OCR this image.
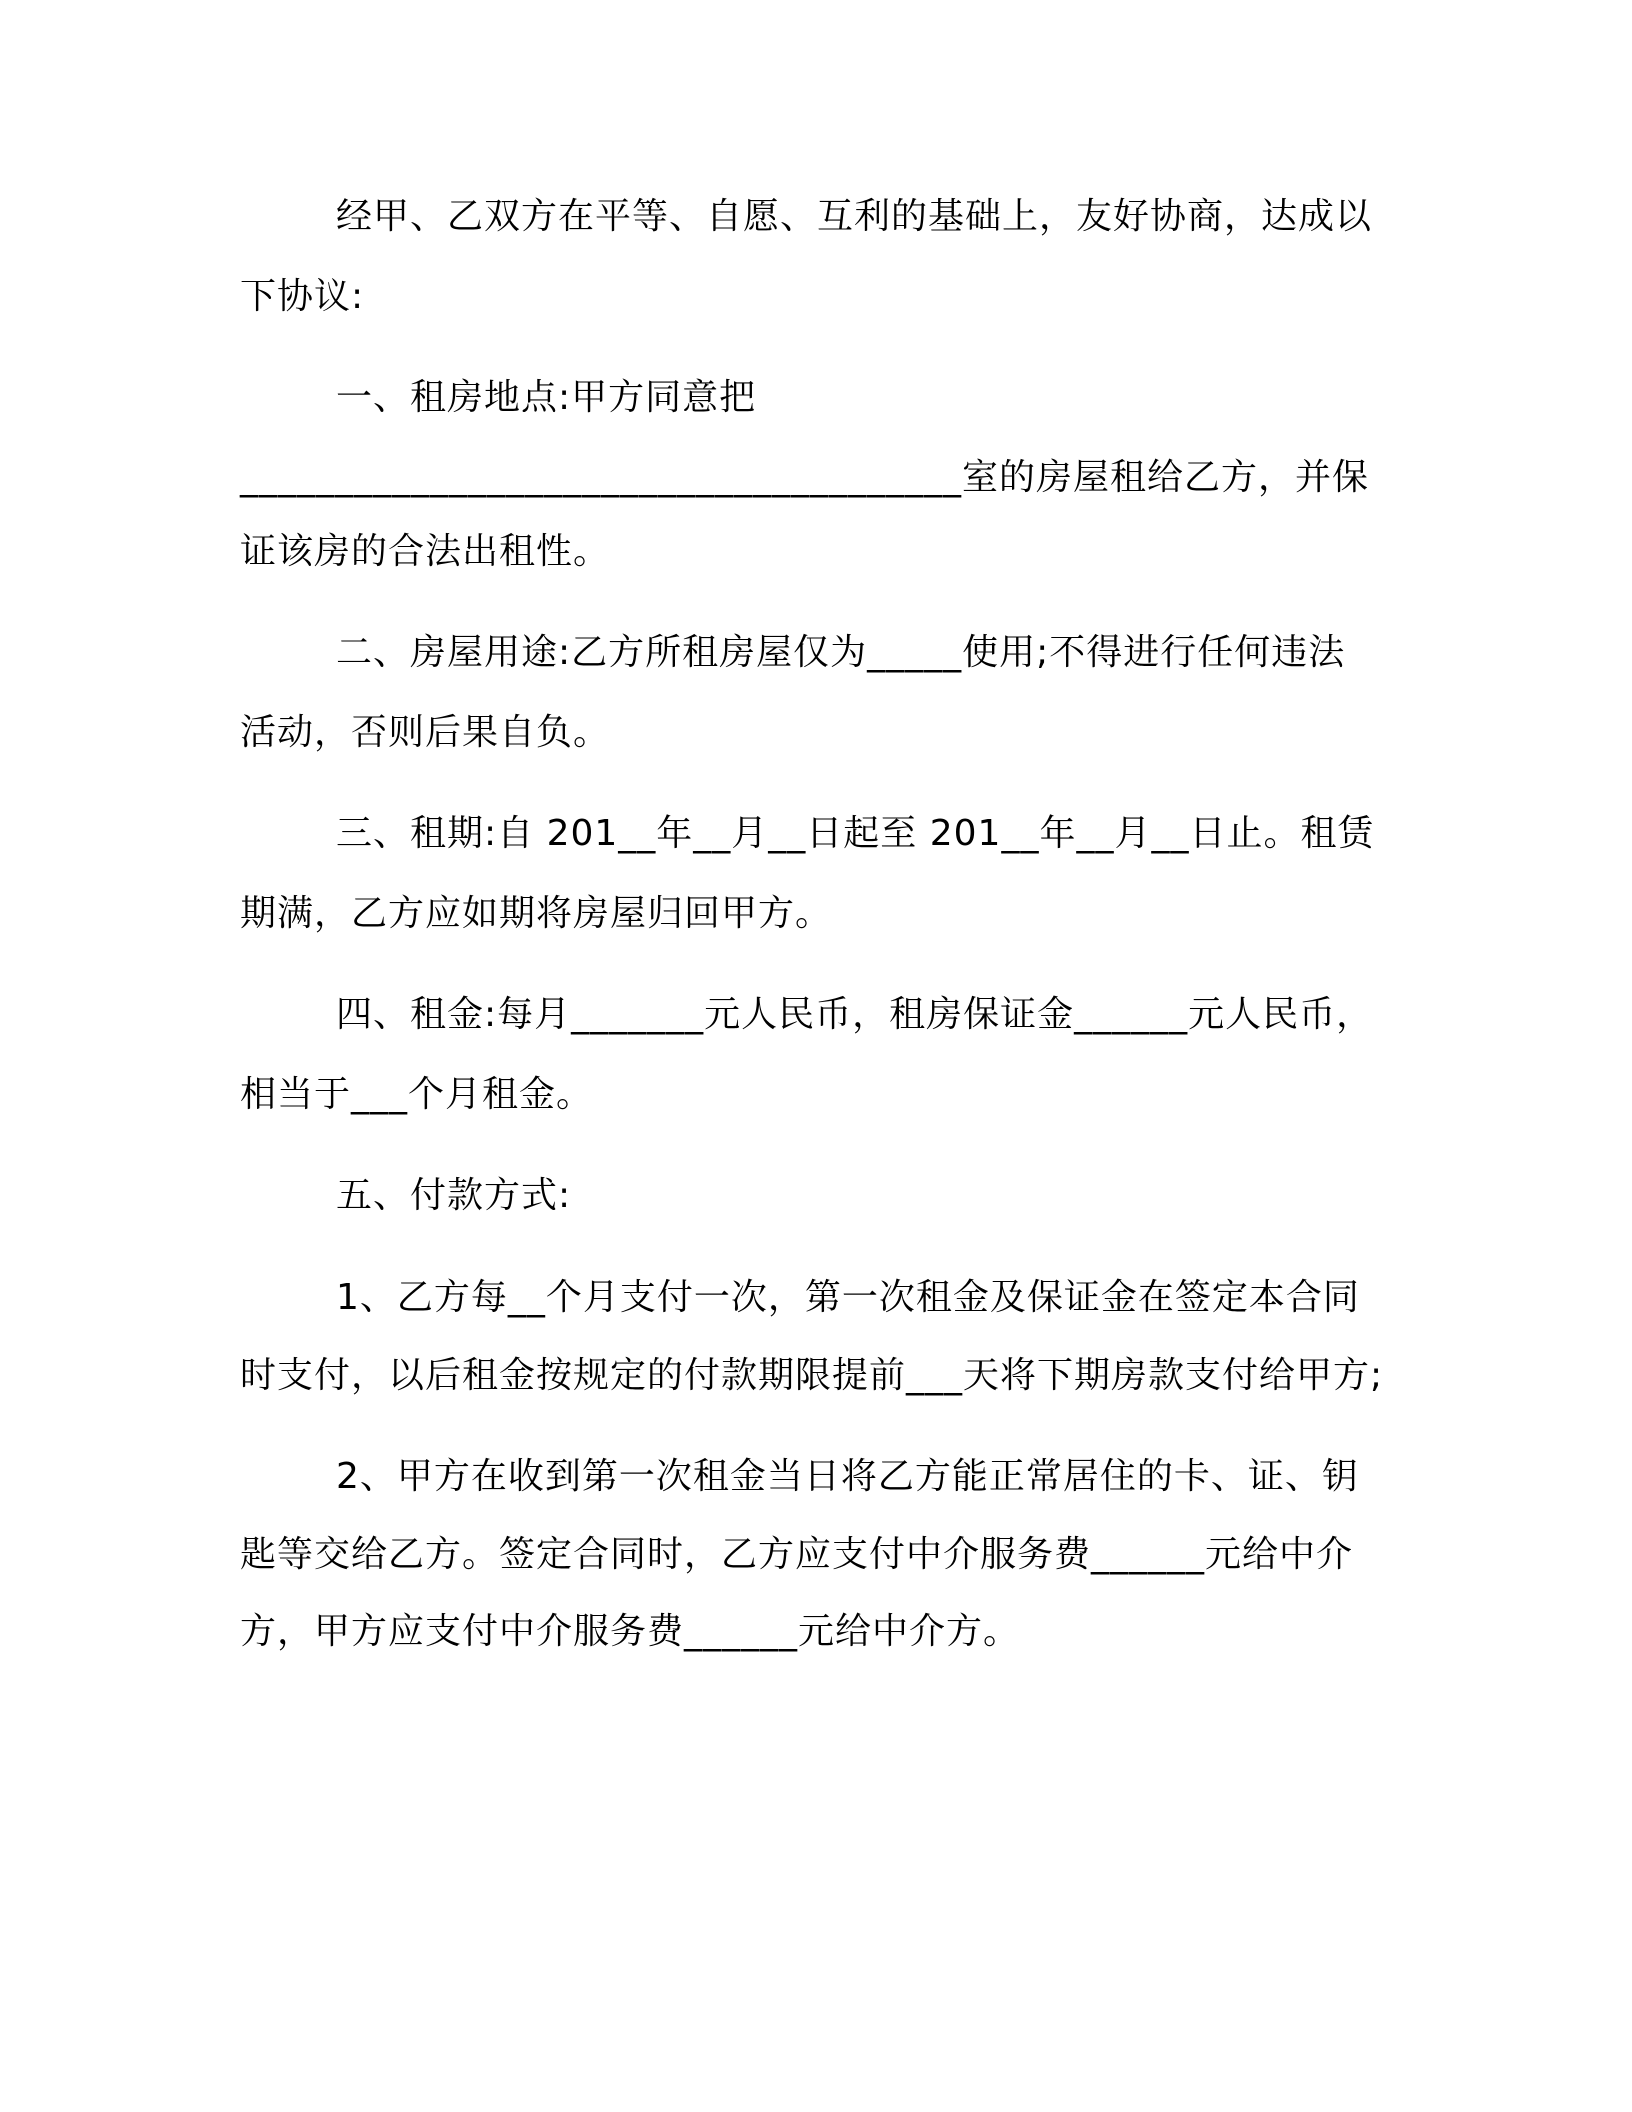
经甲、乙双方在平等、自愿、互利的基础上，友好协商，达成以
下协议:
一、租房地点:甲方同意把
______________________________________室的房屋租给乙方，并保
证该房的合法出租性。
二、房屋用途:乙方所租房屋仅为_____使用;不得进行任何违法
活动，否则后果自负。
三、租期:自 201__年__月__日起至 201__年__月__日止。租赁
期满，乙方应如期将房屋归回甲方。
四、租金:每月_______元人民币，租房保证金______元人民币，
相当于___个月租金。
五、付款方式:
1、乙方每__个月支付一次，第一次租金及保证金在签定本合同
时支付，以后租金按规定的付款期限提前___天将下期房款支付给甲方;
2、甲方在收到第一次租金当日将乙方能正常居住的卡、证、钥
匙等交给乙方。签定合同时，乙方应支付中介服务费______元给中介
方，甲方应支付中介服务费______元给中介方。
